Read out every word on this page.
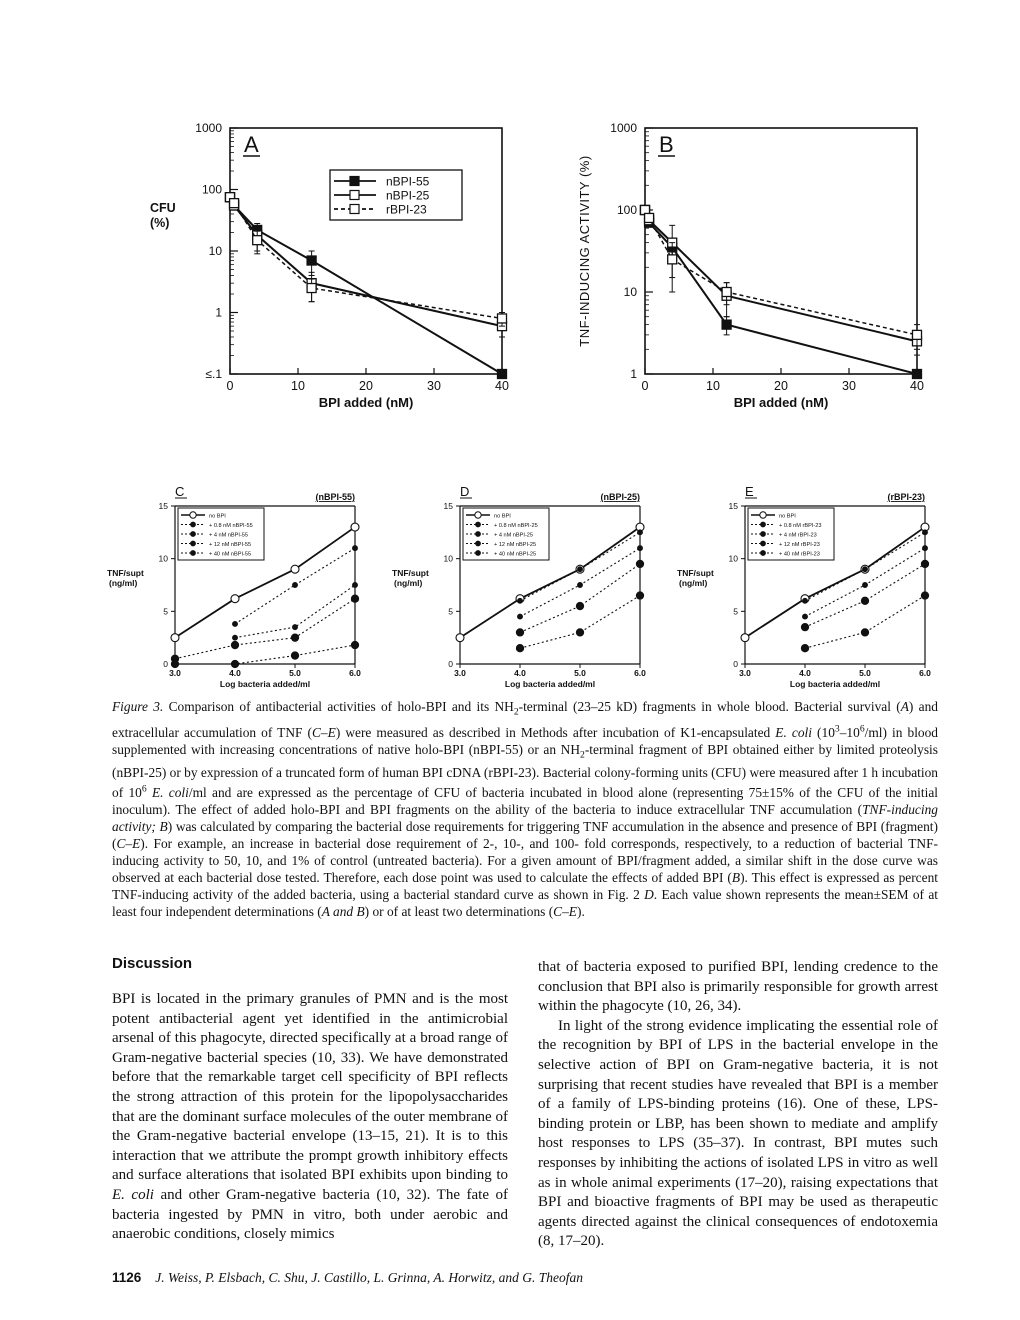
1000
100
10
1
≤.1
0	10	20	30	40
BPI added (nM)
CFU
(%)
A
nBPI-55
nBPI-25
rBPI-23
1000
100
10
1
0	10	20	30	40
BPI added (nM)
TNF-INDUCING ACTIVITY (%)
B
0
5
10
15
3.0	4.0	5.0	6.0
Log bacteria added/ml
TNF/supt
(ng/ml)
C	(nBPI-55)
no BPI
+ 0.8 nM nBPI-55
+ 4 nM nBPI-55
+ 12 nM nBPI-55
+ 40 nM nBPI-55
0
5
10
15
3.0	4.0	5.0	6.0
Log bacteria added/ml
TNF/supt
(ng/ml)
D	(nBPI-25)
no BPI
+ 0.8 nM nBPI-25
+ 4 nM nBPI-25
+ 12 nM nBPI-25
+ 40 nM nBPI-25
0
5
10
15
3.0	4.0	5.0	6.0
Log bacteria added/ml
TNF/supt
(ng/ml)
E	(rBPI-23)
no BPI
+ 0.8 nM rBPI-23
+ 4 nM rBPI-23
+ 12 nM rBPI-23
+ 40 nM rBPI-23
Figure 3. Comparison of antibacterial activities of holo-BPI and its $NH_2$-terminal (23–25 kD) fragments in whole blood. Bacterial survival (A) and extracellular accumulation of TNF (C–E) were measured as described in Methods after incubation of K1-encapsulated E. coli $(10^3-10^6/ml)$ in blood supplemented with increasing concentrations of native holo-BPI (nBPI-55) or an $NH_2$-terminal fragment of BPI obtained either by limited proteolysis (nBPI-25) or by expression of a truncated form of human BPI cDNA (rBPI-23). Bacterial colony-forming units (CFU) were measured after 1 h incubation of $10^6$ E. coli/ml and are expressed as the percentage of CFU of bacteria incubated in blood alone (representing 75±15% of the CFU of the initial inoculum). The effect of added holo-BPI and BPI fragments on the ability of the bacteria to induce extracellular TNF accumulation (TNF-inducing activity; B) was calculated by comparing the bacterial dose requirements for triggering TNF accumulation in the absence and presence of BPI (fragment) (C–E). For example, an increase in bacterial dose requirement of 2-, 10-, and 100- fold corresponds, respectively, to a reduction of bacterial TNF-inducing activity to 50, 10, and 1% of control (untreated bacteria). For a given amount of BPI/fragment added, a similar shift in the dose curve was observed at each bacterial dose tested. Therefore, each dose point was used to calculate the effects of added BPI (B). This effect is expressed as percent TNF-inducing activity of the added bacteria, using a bacterial standard curve as shown in Fig. 2 D. Each value shown represents the mean±SEM of at least four independent determinations (A and B) or of at least two determinations (C–E).
Discussion

BPI is located in the primary granules of PMN and is the most potent antibacterial agent yet identified in the antimicrobial arsenal of this phagocyte, directed specifically at a broad range of Gram-negative bacterial species (10, 33). We have demonstrated before that the remarkable target cell specificity of BPI reflects the strong attraction of this protein for the lipopolysaccharides that are the dominant surface molecules of the outer membrane of the Gram-negative bacterial envelope (13–15, 21). It is to this interaction that we attribute the prompt growth inhibitory effects and surface alterations that isolated BPI exhibits upon binding to E. coli and other Gram-negative bacteria (10, 32). The fate of bacteria ingested by PMN in vitro, both under aerobic and anaerobic conditions, closely mimics

that of bacteria exposed to purified BPI, lending credence to the conclusion that BPI also is primarily responsible for growth arrest within the phagocyte (10, 26, 34).

In light of the strong evidence implicating the essential role of the recognition by BPI of LPS in the bacterial envelope in the selective action of BPI on Gram-negative bacteria, it is not surprising that recent studies have revealed that BPI is a member of a family of LPS-binding proteins (16). One of these, LPS-binding protein or LBP, has been shown to mediate and amplify host responses to LPS (35–37). In contrast, BPI mutes such responses by inhibiting the actions of isolated LPS in vitro as well as in whole animal experiments (17–20), raising expectations that BPI and bioactive fragments of BPI may be used as therapeutic agents directed against the clinical consequences of endotoxemia (8, 17–20).

1126 J. Weiss, P. Elsbach, C. Shu, J. Castillo, L. Grinna, A. Horwitz, and G. Theofan
